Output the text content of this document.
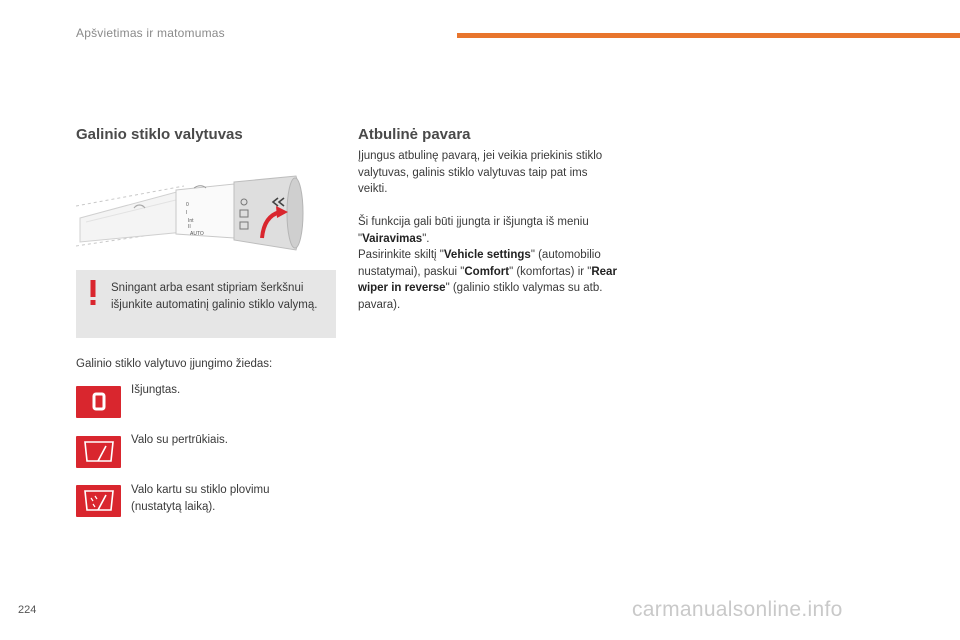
Apšvietimas ir matomumas
Galinio stiklo valytuvas
0
I
Int
II
AUTO
Sningant arba esant stipriam šerkšnui išjunkite automatinį galinio stiklo valymą.
Galinio stiklo valytuvo įjungimo žiedas:
Išjungtas.
Valo su pertrūkiais.
Valo kartu su stiklo plovimu (nustatytą laiką).
Atbulinė pavara
Įjungus atbulinę pavarą, jei veikia priekinis stiklo valytuvas, galinis stiklo valytuvas taip pat ims veikti.
Ši funkcija gali būti įjungta ir išjungta iš meniu "Vairavimas".
Pasirinkite skiltį "Vehicle settings" (automobilio nustatymai), paskui "Comfort" (komfortas) ir "Rear wiper in reverse" (galinio stiklo valymas su atb. pavara).
224	carmanualsonline.info
